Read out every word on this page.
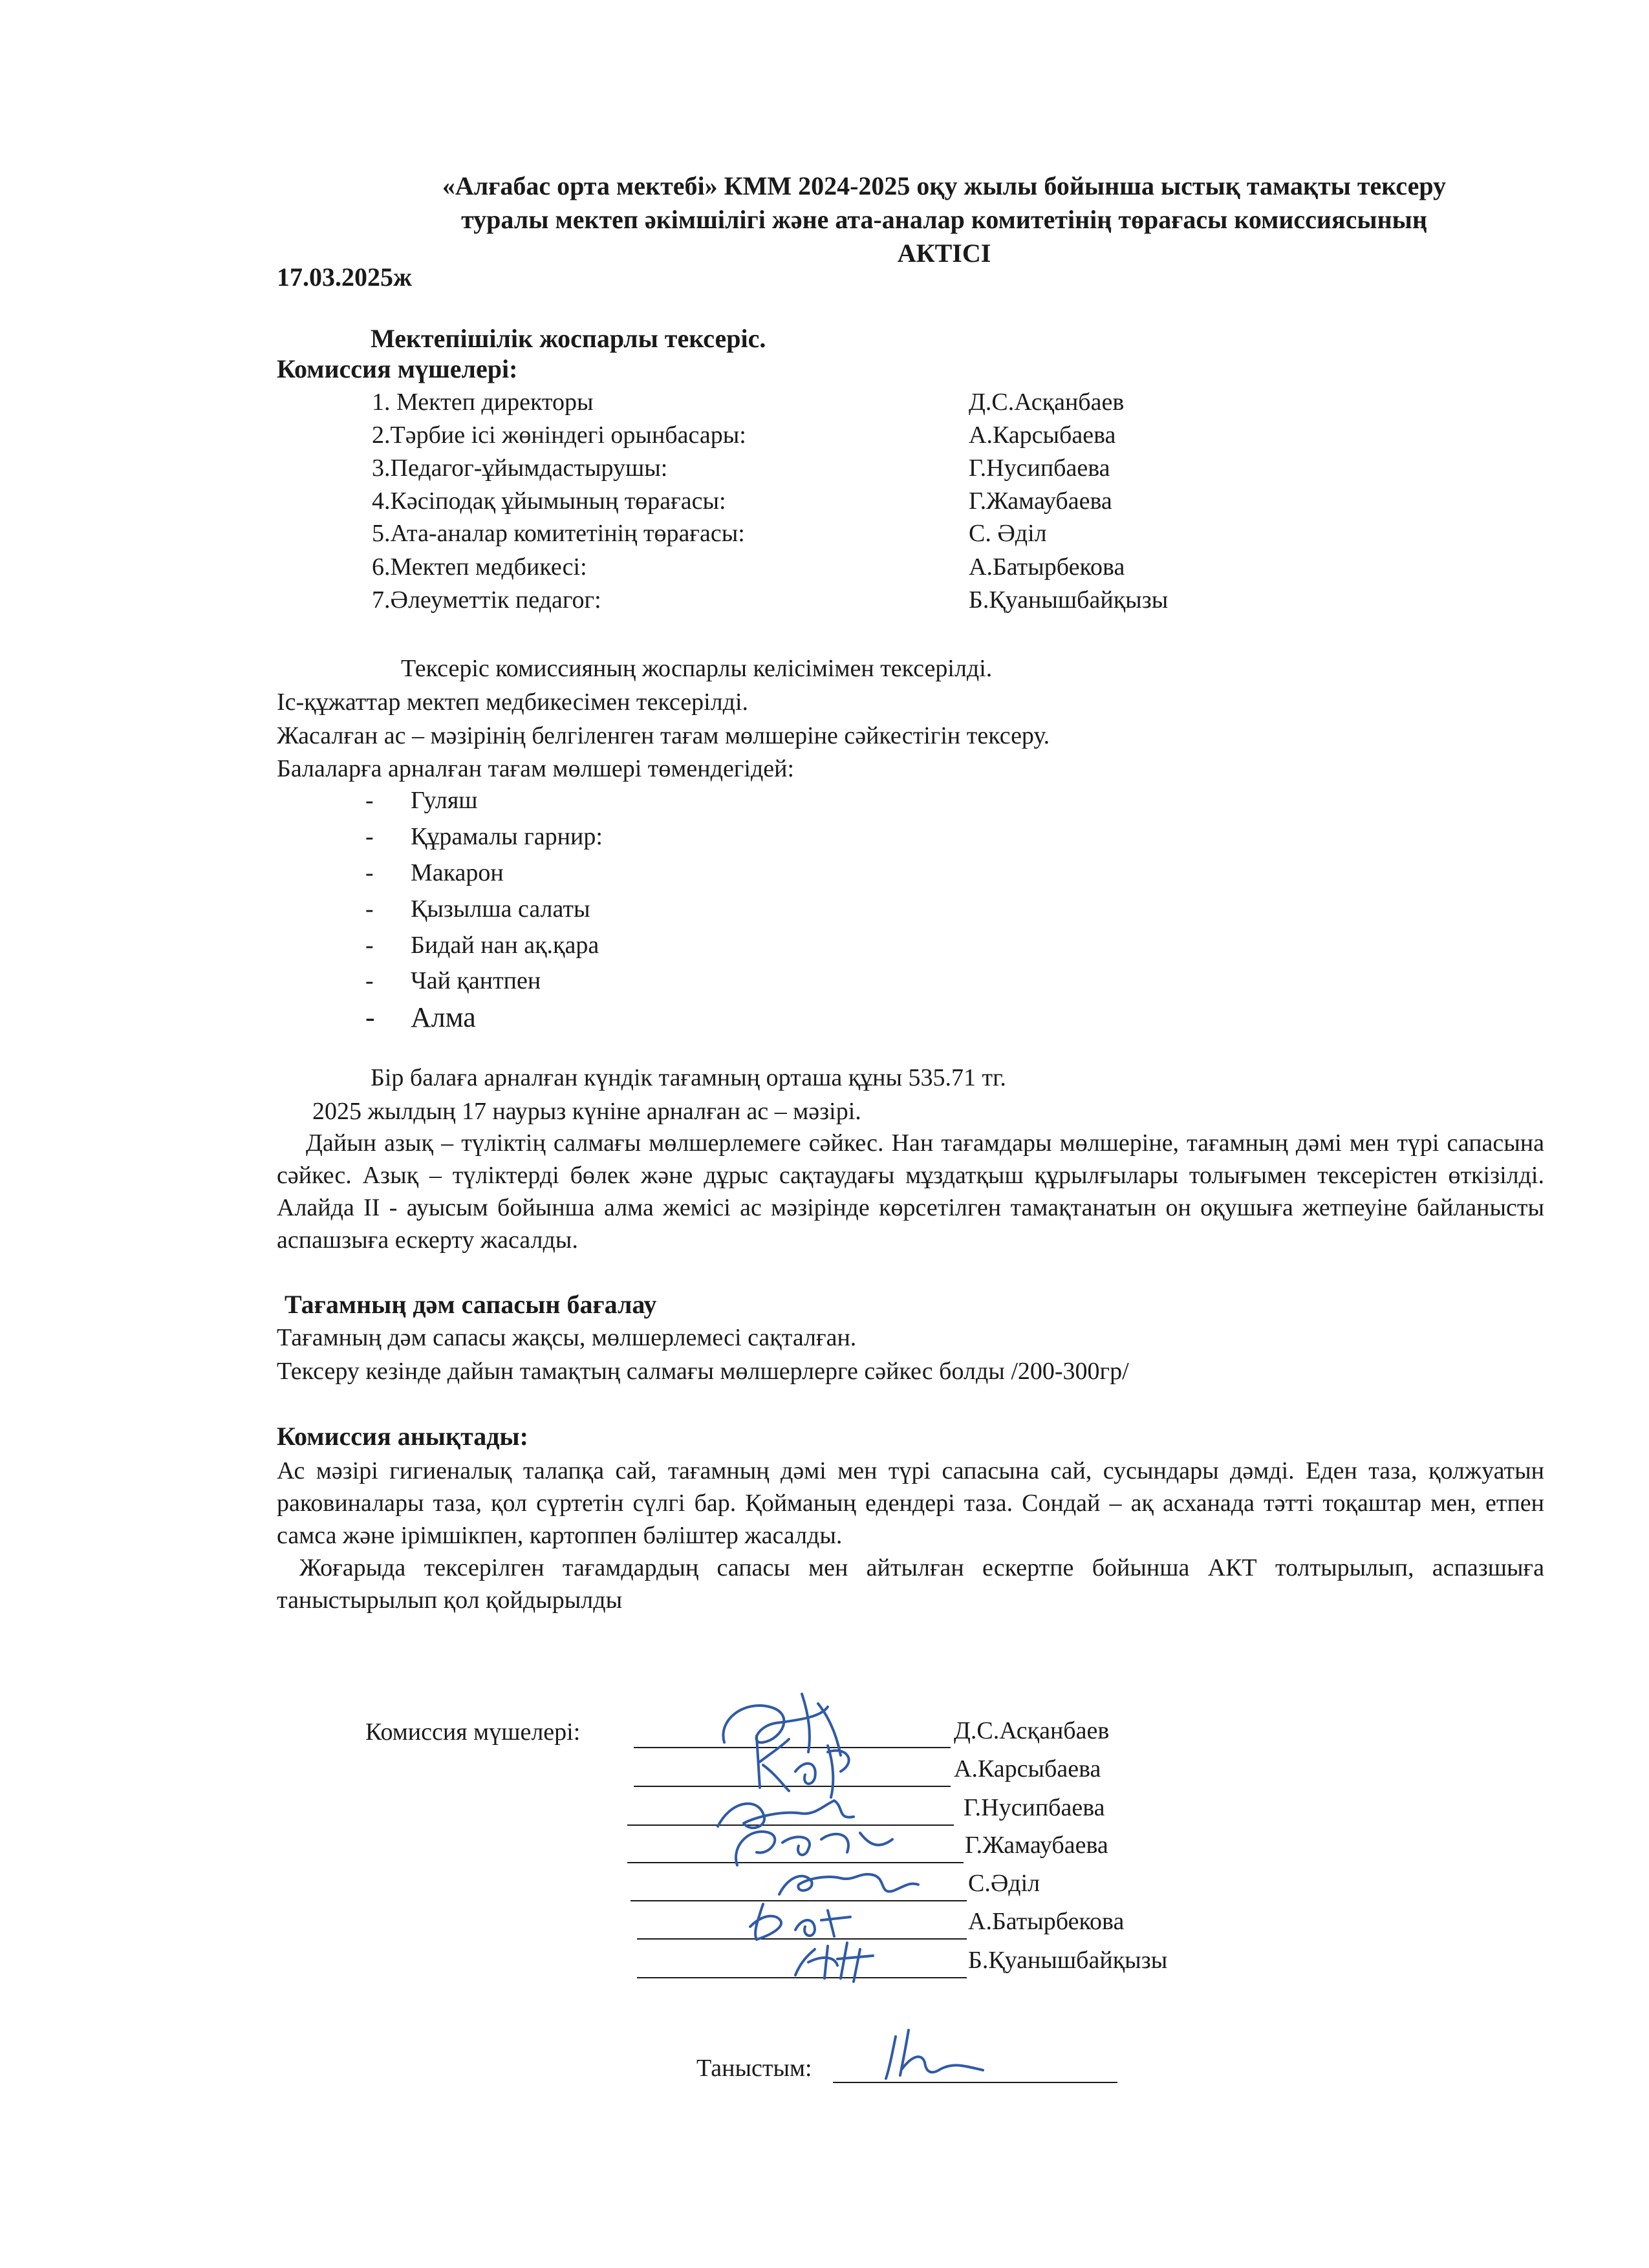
«Алғабас орта мектебі» КММ 2024-2025 оқу жылы бойынша ыстық тамақты тексеру
туралы мектеп әкімшілігі және ата-аналар комитетінің төрағасы комиссиясының
АКТІСІ
17.03.2025ж
Мектепішілік жоспарлы тексеріс.
Комиссия мүшелері:
1. Мектеп директоры	Д.С.Асқанбаев
2.Тәрбие ісі жөніндегі орынбасары:	А.Карсыбаева
3.Педагог-ұйымдастырушы:	Г.Нусипбаева
4.Кәсіподақ ұйымының төрағасы:	Г.Жамаубаева
5.Ата-аналар комитетінің төрағасы:	С. Әділ
6.Мектеп медбикесі:	А.Батырбекова
7.Әлеуметтік педагог:	Б.Қуанышбайқызы
Тексеріс комиссияның жоспарлы келісімімен тексерілді.
Іс-құжаттар мектеп медбикесімен тексерілді.
Жасалған ас – мәзірінің белгіленген тағам мөлшеріне сәйкестігін тексеру.
Балаларға арналған тағам мөлшері төмендегідей:
- Гуляш
- Құрамалы гарнир:
- Макарон
- Қызылша салаты
- Бидай нан ақ.қара
- Чай қантпен
- Алма
Бір балаға арналған күндік тағамның орташа құны 535.71 тг.
2025 жылдың 17 наурыз күніне арналған ас – мәзірі.
Дайын азық – түліктің салмағы мөлшерлемеге сәйкес. Нан тағамдары мөлшеріне, тағамның дәмі мен түрі сапасына сәйкес. Азық – түліктерді бөлек және дұрыс сақтаудағы мұздатқыш құрылғылары толығымен тексерістен өткізілді. Алайда ІІ - ауысым бойынша алма жемісі ас мәзірінде көрсетілген тамақтанатын он оқушыға жетпеуіне байланысты аспашзыға ескерту жасалды.
Тағамның дәм сапасын бағалау
Тағамның дәм сапасы жақсы, мөлшерлемесі сақталған.
Тексеру кезінде дайын тамақтың салмағы мөлшерлерге сәйкес болды /200-300гр/
Комиссия анықтады:
Ас мәзірі гигиеналық талапқа сай, тағамның дәмі мен түрі сапасына сай, сусындары дәмді. Еден таза, қолжуатын раковиналары таза, қол сүртетін сүлгі бар. Қойманың едендері таза. Сондай – ақ асханада тәтті тоқаштар мен, етпен самса және ірімшікпен, картоппен бәліштер жасалды.
Жоғарыда тексерілген тағамдардың сапасы мен айтылған ескертпе бойынша АКТ толтырылып, аспазшыға таныстырылып қол қойдырылды
Комиссия мүшелері:	Д.С.Асқанбаев
А.Карсыбаева
Г.Нусипбаева
Г.Жамаубаева
С.Әділ
А.Батырбекова
Б.Қуанышбайқызы
Таныстым:
